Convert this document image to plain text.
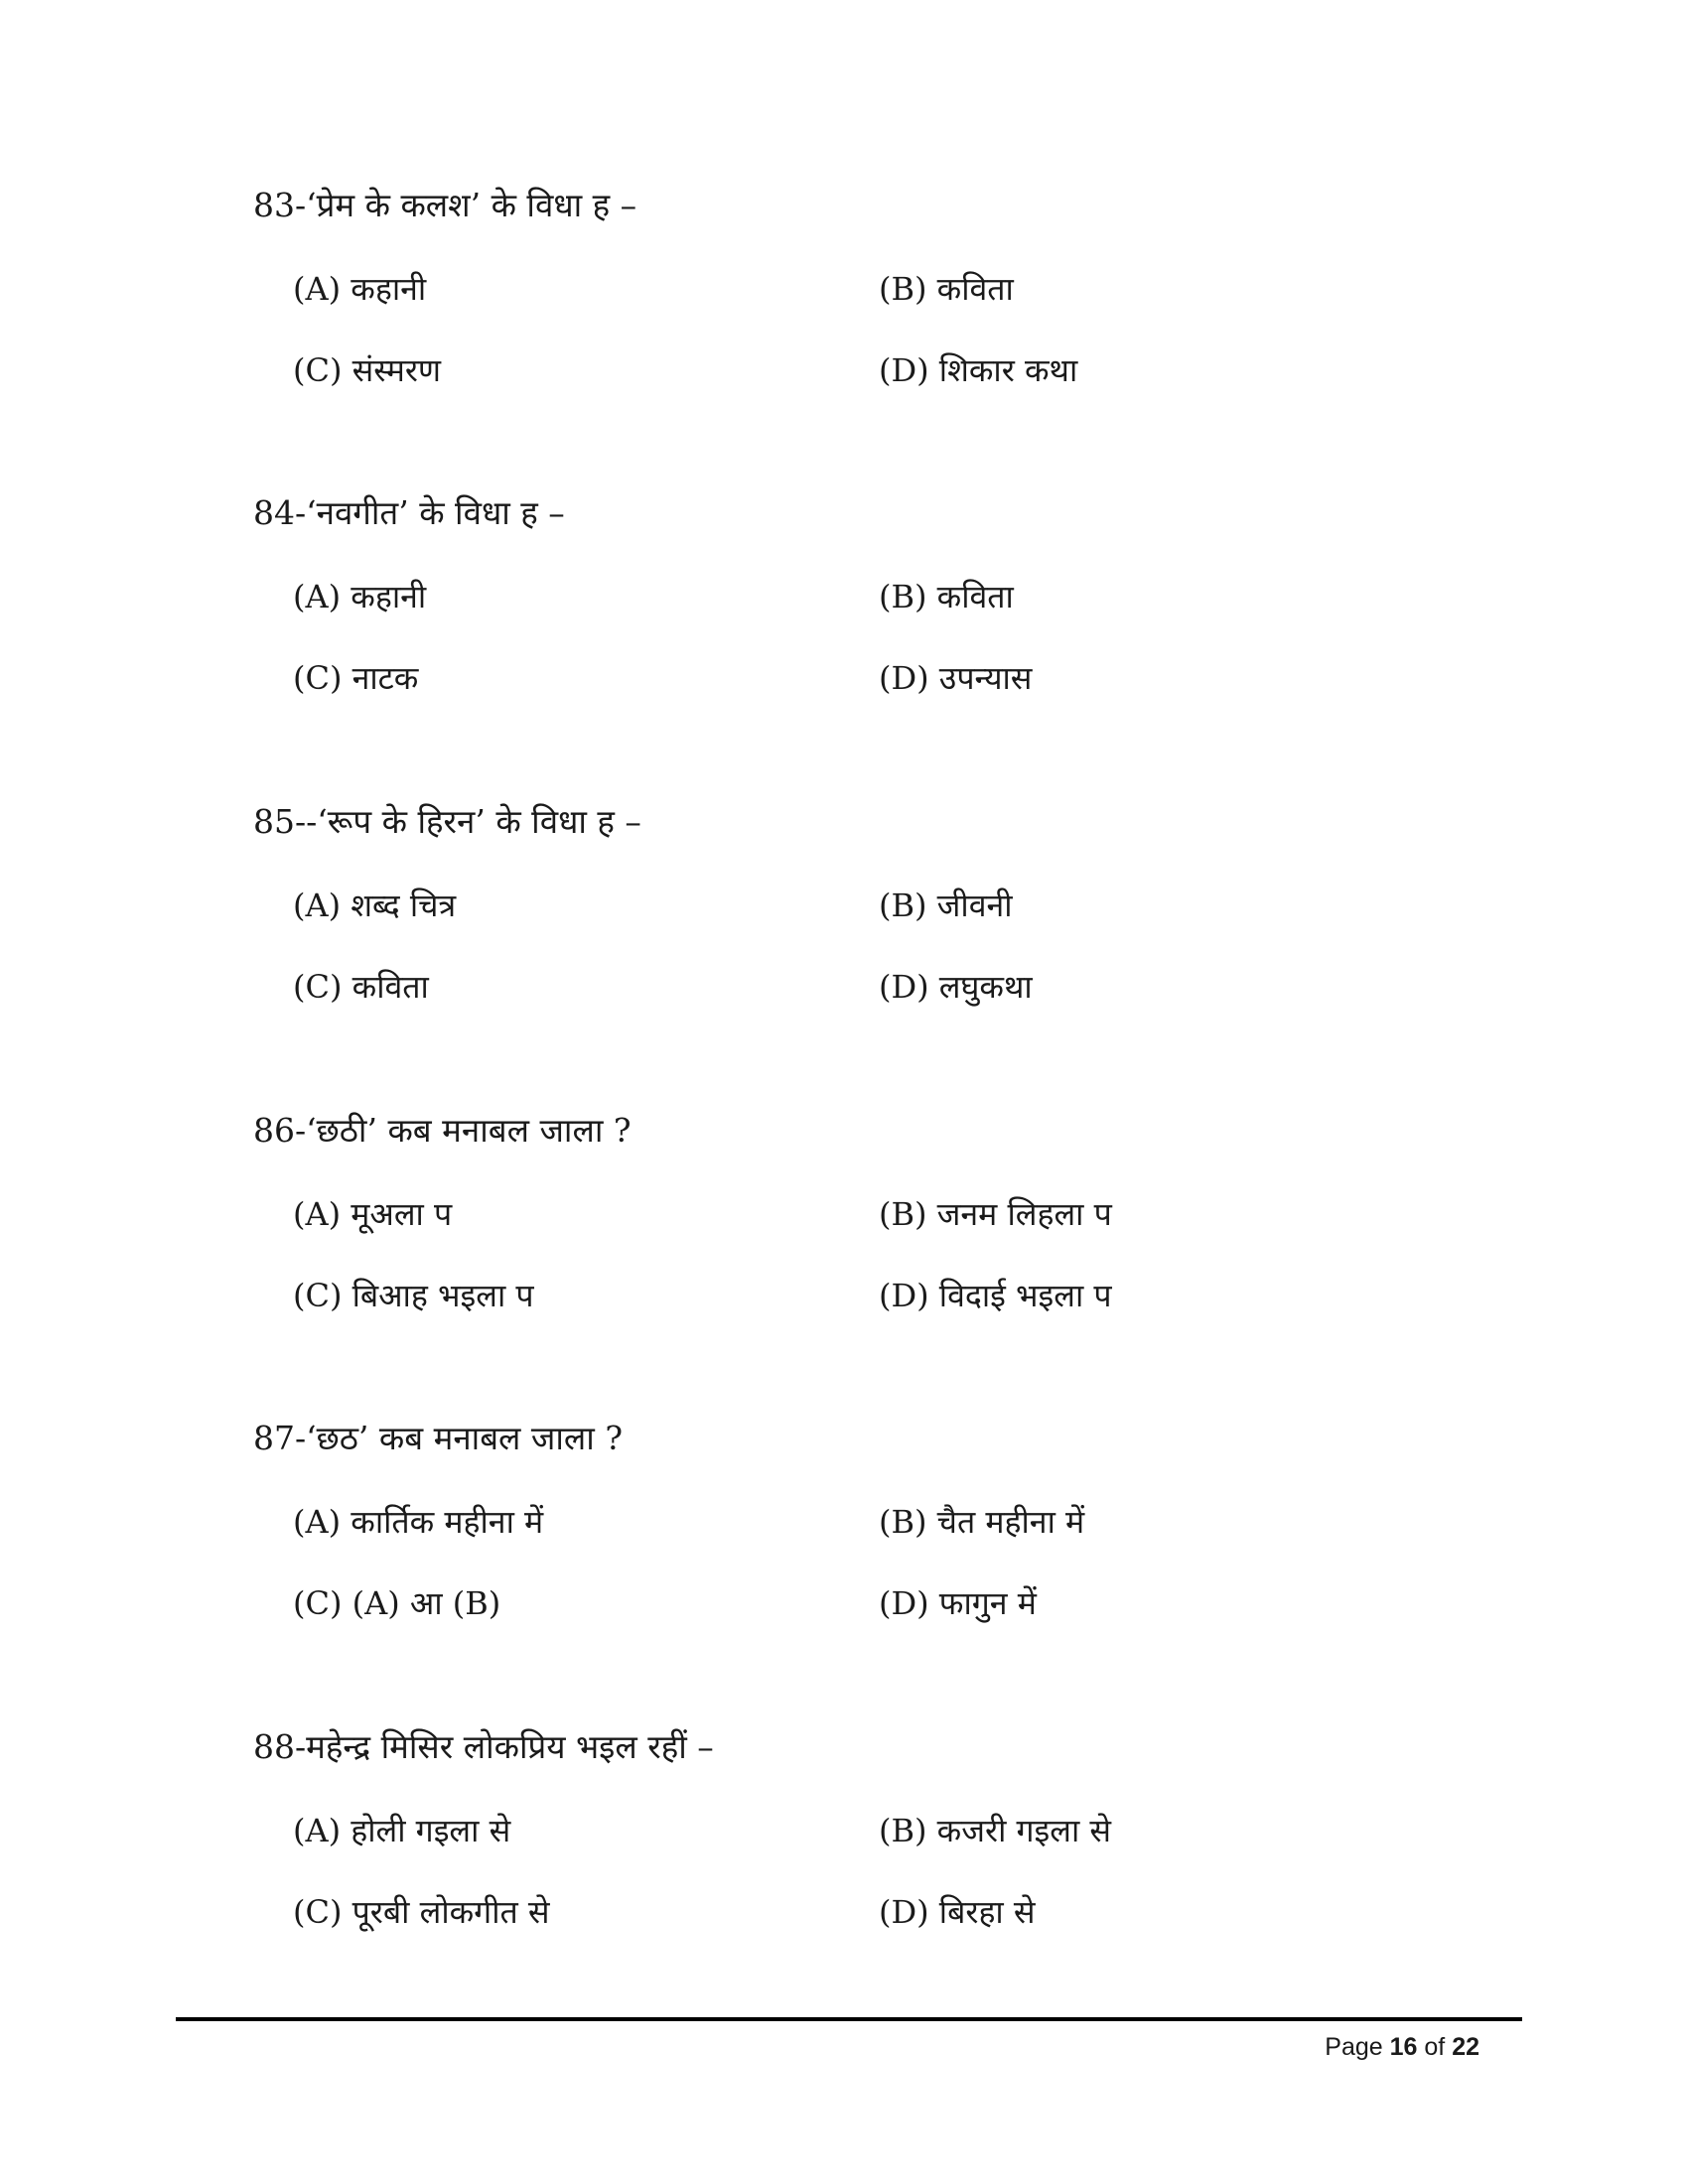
83-‘प्रेम के कलश’ के विधा ह –
(A) कहानी	(B) कविता
(C) संस्मरण	(D) शिकार कथा
84-‘नवगीत’ के विधा ह –
(A) कहानी	(B) कविता
(C) नाटक	(D) उपन्यास
85--‘रूप के हिरन’ के विधा ह –
(A) शब्द चित्र	(B) जीवनी
(C) कविता	(D) लघुकथा
86-‘छठी’ कब मनाबल जाला ?
(A) मूअला प	(B) जनम लिहला प
(C) बिआह भइला प	(D) विदाई भइला प
87-‘छठ’ कब मनाबल जाला ?
(A) कार्तिक महीना में	(B) चैत महीना में
(C) (A) आ (B)	(D) फागुन में
88-महेन्द्र मिसिर लोकप्रिय भइल रहीं –
(A) होली गइला से	(B) कजरी गइला से
(C) पूरबी लोकगीत से	(D) बिरहा से
Page 16 of 22
